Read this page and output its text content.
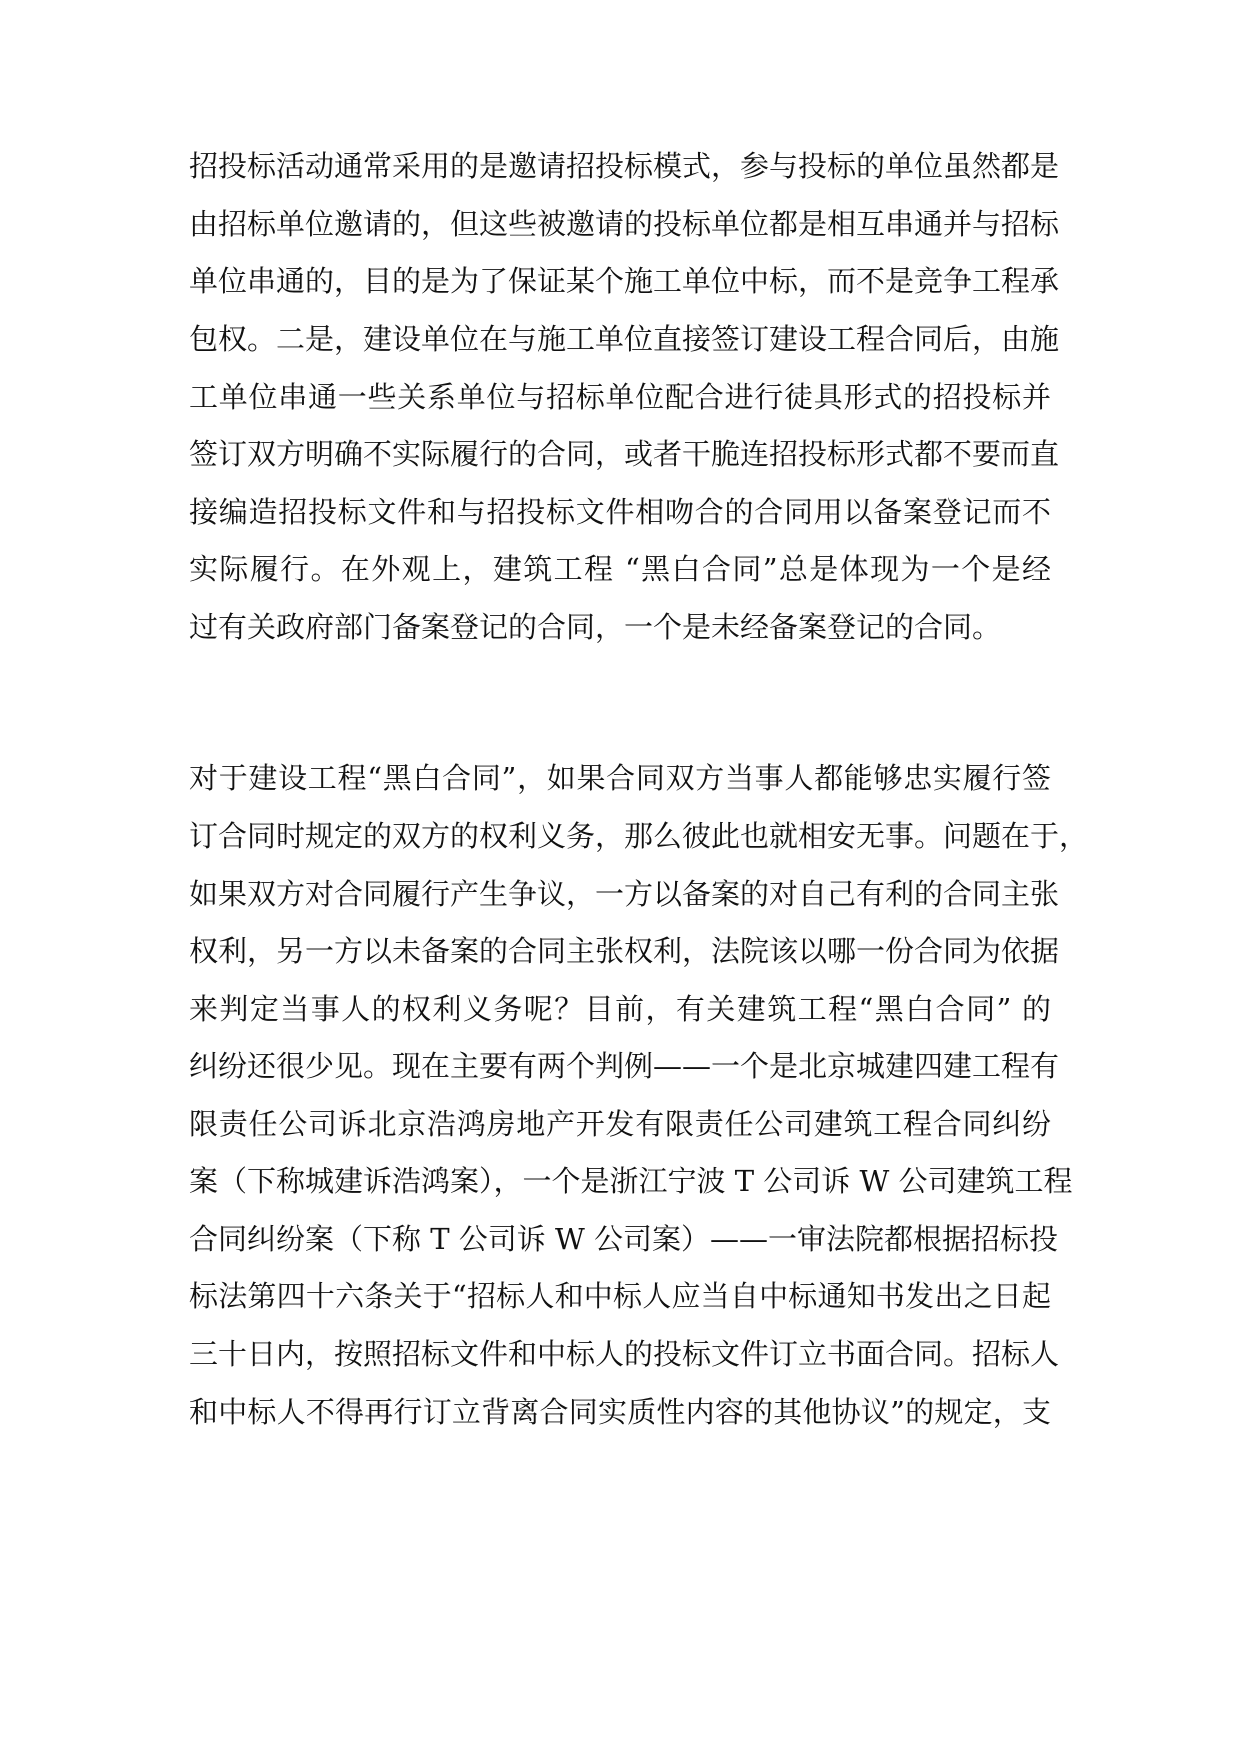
招投标活动通常采用的是邀请招投标模式，参与投标的单位虽然都是

由招标单位邀请的，但这些被邀请的投标单位都是相互串通并与招标

单位串通的，目的是为了保证某个施工单位中标，而不是竞争工程承

包权。二是，建设单位在与施工单位直接签订建设工程合同后，由施

工单位串通一些关系单位与招标单位配合进行徒具形式的招投标并

签订双方明确不实际履行的合同，或者干脆连招投标形式都不要而直

接编造招投标文件和与招投标文件相吻合的合同用以备案登记而不

实际履行。在外观上，建筑工程 “黑白合同”总是体现为一个是经

过有关政府部门备案登记的合同，一个是未经备案登记的合同。

对于建设工程“黑白合同”，如果合同双方当事人都能够忠实履行签

订合同时规定的双方的权利义务，那么彼此也就相安无事。问题在于，

如果双方对合同履行产生争议，一方以备案的对自己有利的合同主张

权利，另一方以未备案的合同主张权利，法院该以哪一份合同为依据

来判定当事人的权利义务呢？目前，有关建筑工程“黑白合同” 的

纠纷还很少见。现在主要有两个判例——一个是北京城建四建工程有

限责任公司诉北京浩鸿房地产开发有限责任公司建筑工程合同纠纷

案（下称城建诉浩鸿案），一个是浙江宁波 T 公司诉 W 公司建筑工程

合同纠纷案（下称 T 公司诉 W 公司案）——一审法院都根据招标投

标法第四十六条关于“招标人和中标人应当自中标通知书发出之日起

三十日内，按照招标文件和中标人的投标文件订立书面合同。招标人

和中标人不得再行订立背离合同实质性内容的其他协议”的规定，支
